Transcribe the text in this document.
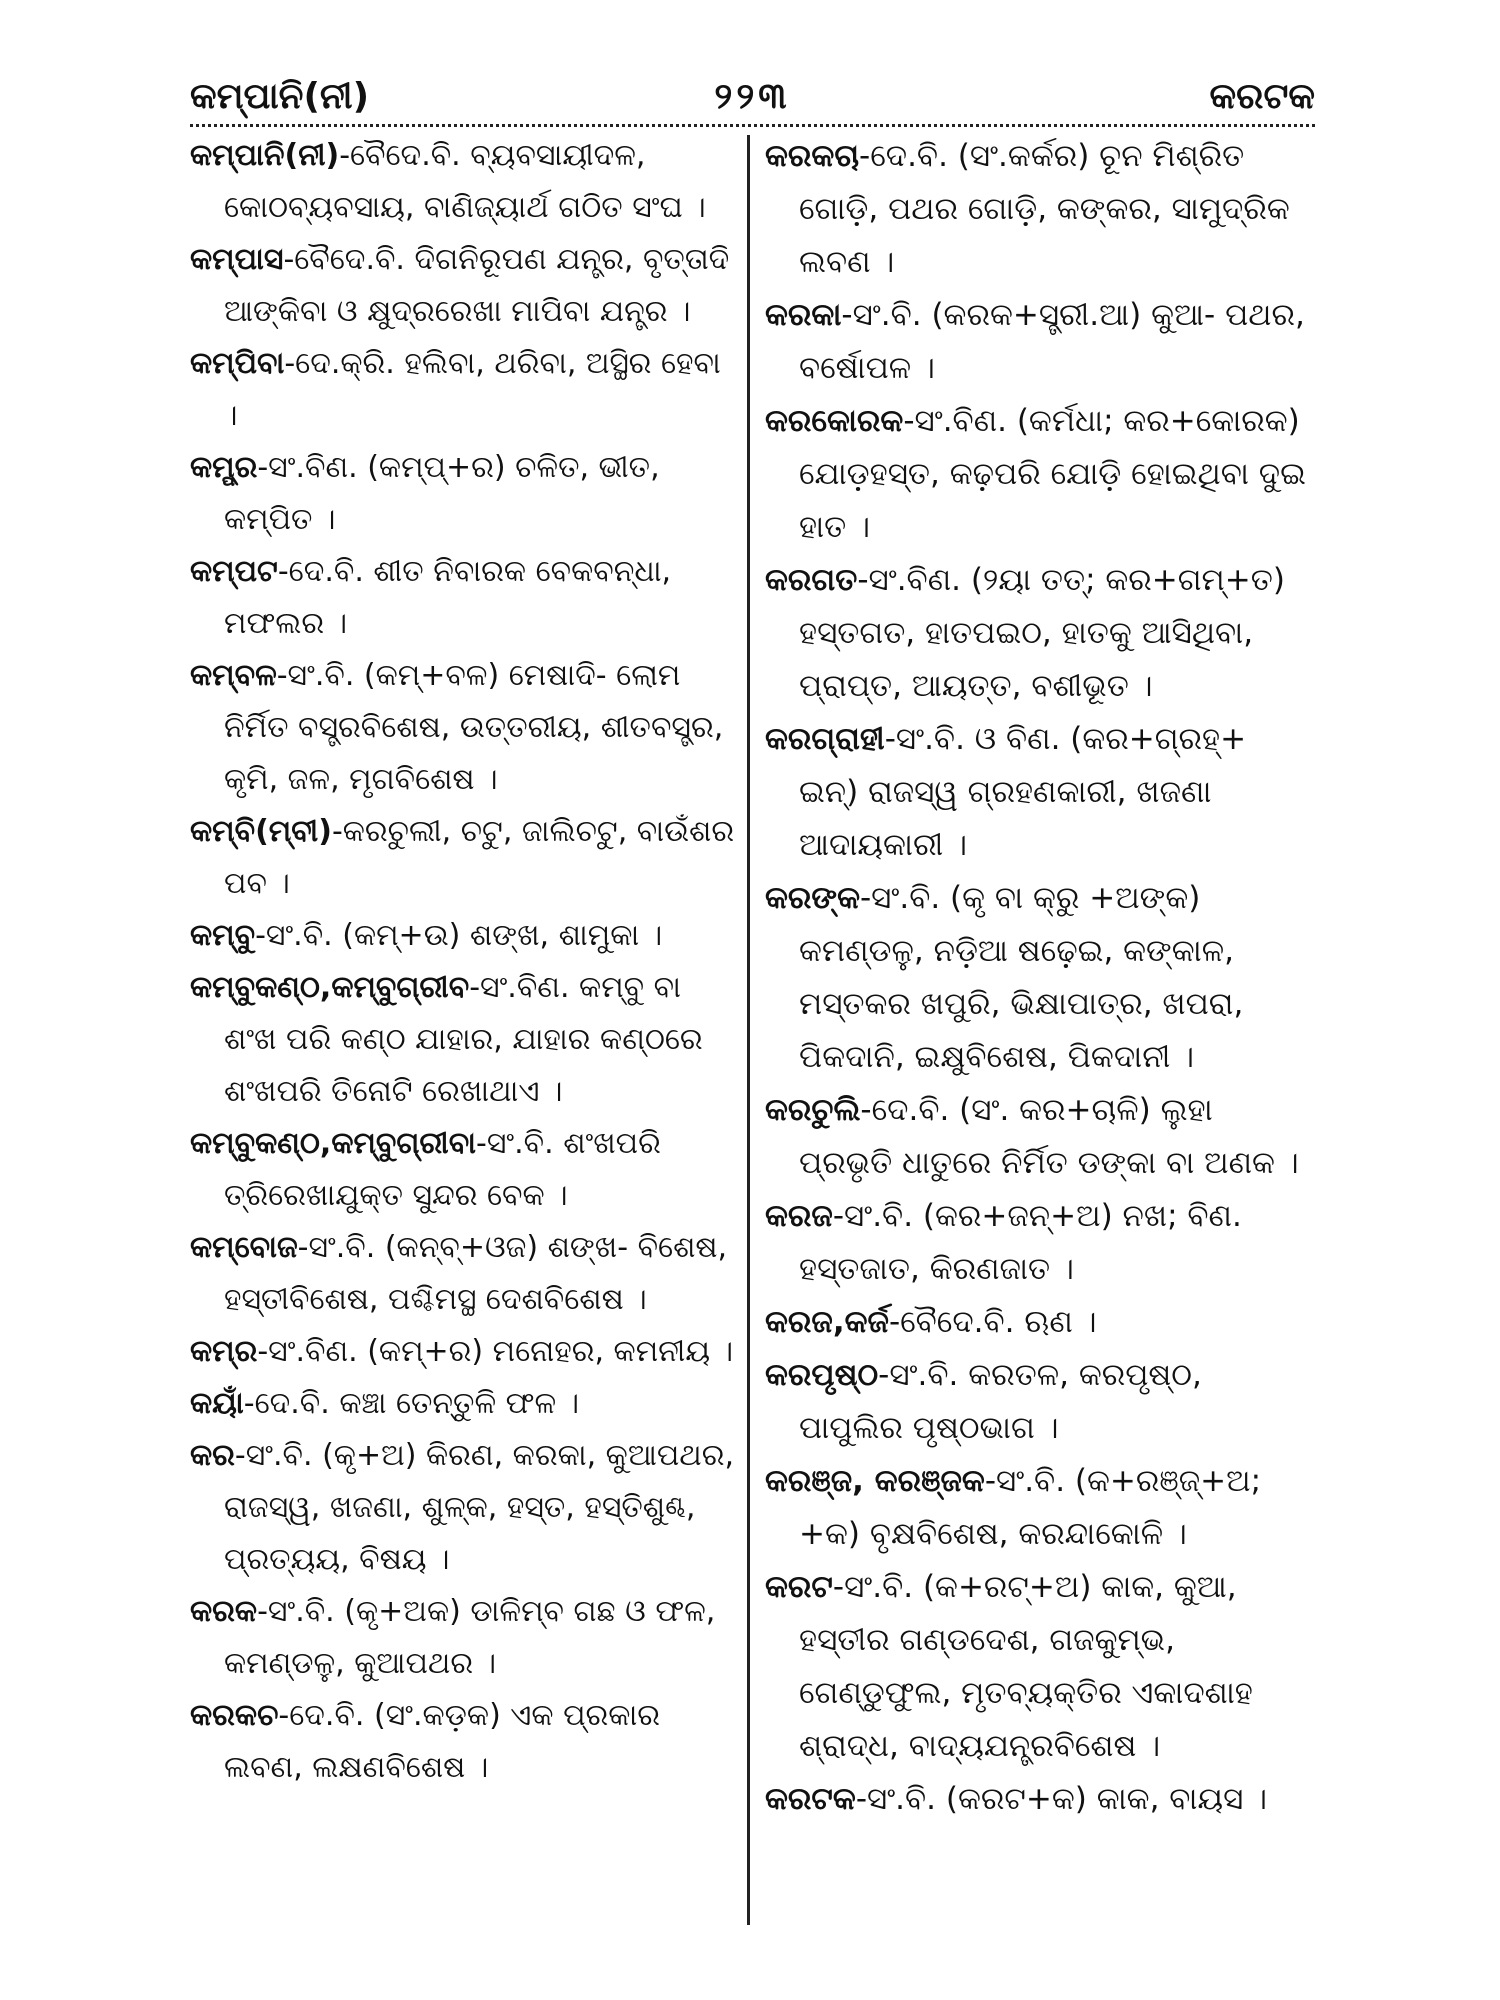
କମ୍ପାନି(ନୀ)	୨୨୩	କରଟକ

କମ୍ପାନି(ନୀ)-ବୈଦେ.ବି. ବ୍ୟବସାୟୀଦଳ, କୋଠବ୍ୟବସାୟ, ବାଣିଜ୍ୟାର୍ଥ ଗଠିତ ସଂଘ ।

କମ୍ପାସ-ବୈଦେ.ବି. ଦିଗନିରୂପଣ ଯନ୍ତ୍ର, ବୃତ୍ତାଦି ଆଙ୍କିବା ଓ କ୍ଷୁଦ୍ରରେଖା ମାପିବା ଯନ୍ତ୍ର ।

କମ୍ପିବା-ଦେ.କ୍ରି. ହଲିବା, ଥରିବା, ଅସ୍ଥିର ହେବା ।

କମ୍ପ୍ର-ସଂ.ବିଣ. (କମ୍ପ୍+ର) ଚଳିତ, ଭୀତ, କମ୍ପିତ ।

କମ୍ପଟ-ଦେ.ବି. ଶୀତ ନିବାରକ ବେକବନ୍ଧା, ମଫଲର ।

କମ୍ବଳ-ସଂ.ବି. (କମ୍+ବଳ) ମେଷାଦି- ଲୋମ ନିର୍ମିତ ବସ୍ତ୍ରବିଶେଷ, ଉତ୍ତରୀୟ, ଶୀତବସ୍ତ୍ର, କୃମି, ଜଳ, ମୃଗବିଶେଷ ।

କମ୍ବି(ମ୍ବୀ)-କରଚୁଲୀ, ଚଟୁ, ଜାଲିଚଟୁ, ବାଉଁଶର ପବ ।

କମ୍ବୁ-ସଂ.ବି. (କମ୍+ଉ) ଶଙ୍ଖ, ଶାମୁକା ।

କମ୍ବୁକଣ୍ଠ,କମ୍ବୁଗ୍ରୀବ-ସଂ.ବିଣ. କମ୍ବୁ ବା ଶଂଖ ପରି କଣ୍ଠ ଯାହାର, ଯାହାର କଣ୍ଠରେ ଶଂଖପରି ତିନୋଟି ରେଖାଥାଏ ।

କମ୍ବୁକଣ୍ଠ,କମ୍ବୁଗ୍ରୀବା-ସଂ.ବି. ଶଂଖପରି ତ୍ରିରେଖାଯୁକ୍ତ ସୁନ୍ଦର ବେକ ।

କମ୍ବୋଜ-ସଂ.ବି. (କନ୍ବ୍+ଓଜ) ଶଙ୍ଖ- ବିଶେଷ, ହସ୍ତୀବିଶେଷ, ପଶ୍ଚିମସ୍ଥ ଦେଶବିଶେଷ ।

କମ୍ର-ସଂ.ବିଣ. (କମ୍+ର) ମନୋହର, କମନୀୟ ।

କୟାଁ-ଦେ.ବି. କଞ୍ଚା ତେନ୍ତୁଳି ଫଳ ।

କର-ସଂ.ବି. (କୃ+ଅ) କିରଣ, କରକା, କୁଆପଥର, ରାଜସ୍ୱ, ଖଜଣା, ଶୁଳ୍କ, ହସ୍ତ, ହସ୍ତିଶୁଣ୍ଢ, ପ୍ରତ୍ୟୟ, ବିଷୟ ।

କରକ-ସଂ.ବି. (କୃ+ଅକ) ଡାଳିମ୍ବ ଗଛ ଓ ଫଳ, କମଣ୍ଡଳୁ, କୁଆପଥର ।

କରକଚ-ଦେ.ବି. (ସଂ.କଡ଼କ) ଏକ ପ୍ରକାର ଲବଣ, ଲକ୍ଷଣବିଶେଷ ।

କରକଚା-ଦେ.ବି. (ସଂ.କର୍କର) ଚୂନ ମିଶ୍ରିତ ଗୋଡ଼ି, ପଥର ଗୋଡ଼ି, କଙ୍କର, ସାମୁଦ୍ରିକ ଲବଣ ।

କରକା-ସଂ.ବି. (କରକ+ସ୍ତ୍ରୀ.ଆ) କୁଆ- ପଥର, ବର୍ଷୋପଳ ।

କରକୋରକ-ସଂ.ବିଣ. (କର୍ମଧା; କର+କୋରକ) ଯୋଡ଼ହସ୍ତ, କଢ଼ପରି ଯୋଡ଼ି ହୋଇଥିବା ଦୁଇ ହାତ ।

କରଗତ-ସଂ.ବିଣ. (୨ୟା ତତ୍; କର+ଗମ୍+ତ) ହସ୍ତଗତ, ହାତପଇଠ, ହାତକୁ ଆସିଥିବା, ପ୍ରାପ୍ତ, ଆୟତ୍ତ, ବଶୀଭୂତ ।

କରଗ୍ରାହୀ-ସଂ.ବି. ଓ ବିଣ. (କର+ଗ୍ରହ୍+ ଇନ୍) ରାଜସ୍ୱ ଗ୍ରହଣକାରୀ, ଖଜଣା ଆଦାୟକାରୀ ।

କରଙ୍କ-ସଂ.ବି. (କୃ ବା କ୍ରୁ +ଅଙ୍କ) କମଣ୍ଡଳୁ, ନଡ଼ିଆ ଷଢ଼େଇ, କଙ୍କାଳ, ମସ୍ତକର ଖପୁରି, ଭିକ୍ଷାପାତ୍ର, ଖପରା, ପିକଦାନି, ଇକ୍ଷୁବିଶେଷ, ପିକଦାନୀ ।

କରଚୁଲି-ଦେ.ବି. (ସଂ. କର+ଚାଳି) ଲୁହା ପ୍ରଭୃତି ଧାତୁରେ ନିର୍ମିତ ଡଙ୍କା ବା ଅଣକ ।

କରଜ-ସଂ.ବି. (କର+ଜନ୍+ଅ) ନଖ; ବିଣ. ହସ୍ତଜାତ, କିରଣଜାତ ।

କରଜ,କର୍ଜ-ବୈଦେ.ବି. ଋଣ ।

କରପୃଷ୍ଠ-ସଂ.ବି. କରତଳ, କରପୃଷ୍ଠ, ପାପୁଲିର ପୃଷ୍ଠଭାଗ ।

କରଞ୍ଜ, କରଞ୍ଜକ-ସଂ.ବି. (କ+ରଞ୍ଜ୍+ଅ; +କ) ବୃକ୍ଷବିଶେଷ, କରନ୍ଦାକୋଳି ।

କରଟ-ସଂ.ବି. (କ+ରଟ୍+ଅ) କାକ, କୁଆ, ହସ୍ତୀର ଗଣ୍ଡଦେଶ, ଗଜକୁମ୍ଭ, ଗେଣ୍ଡୁଫୁଲ, ମୃତବ୍ୟକ୍ତିର ଏକାଦଶାହ ଶ୍ରାଦ୍ଧ, ବାଦ୍ୟଯନ୍ତ୍ରବିଶେଷ ।

କରଟକ-ସଂ.ବି. (କରଟ+କ) କାକ, ବାୟସ ।
